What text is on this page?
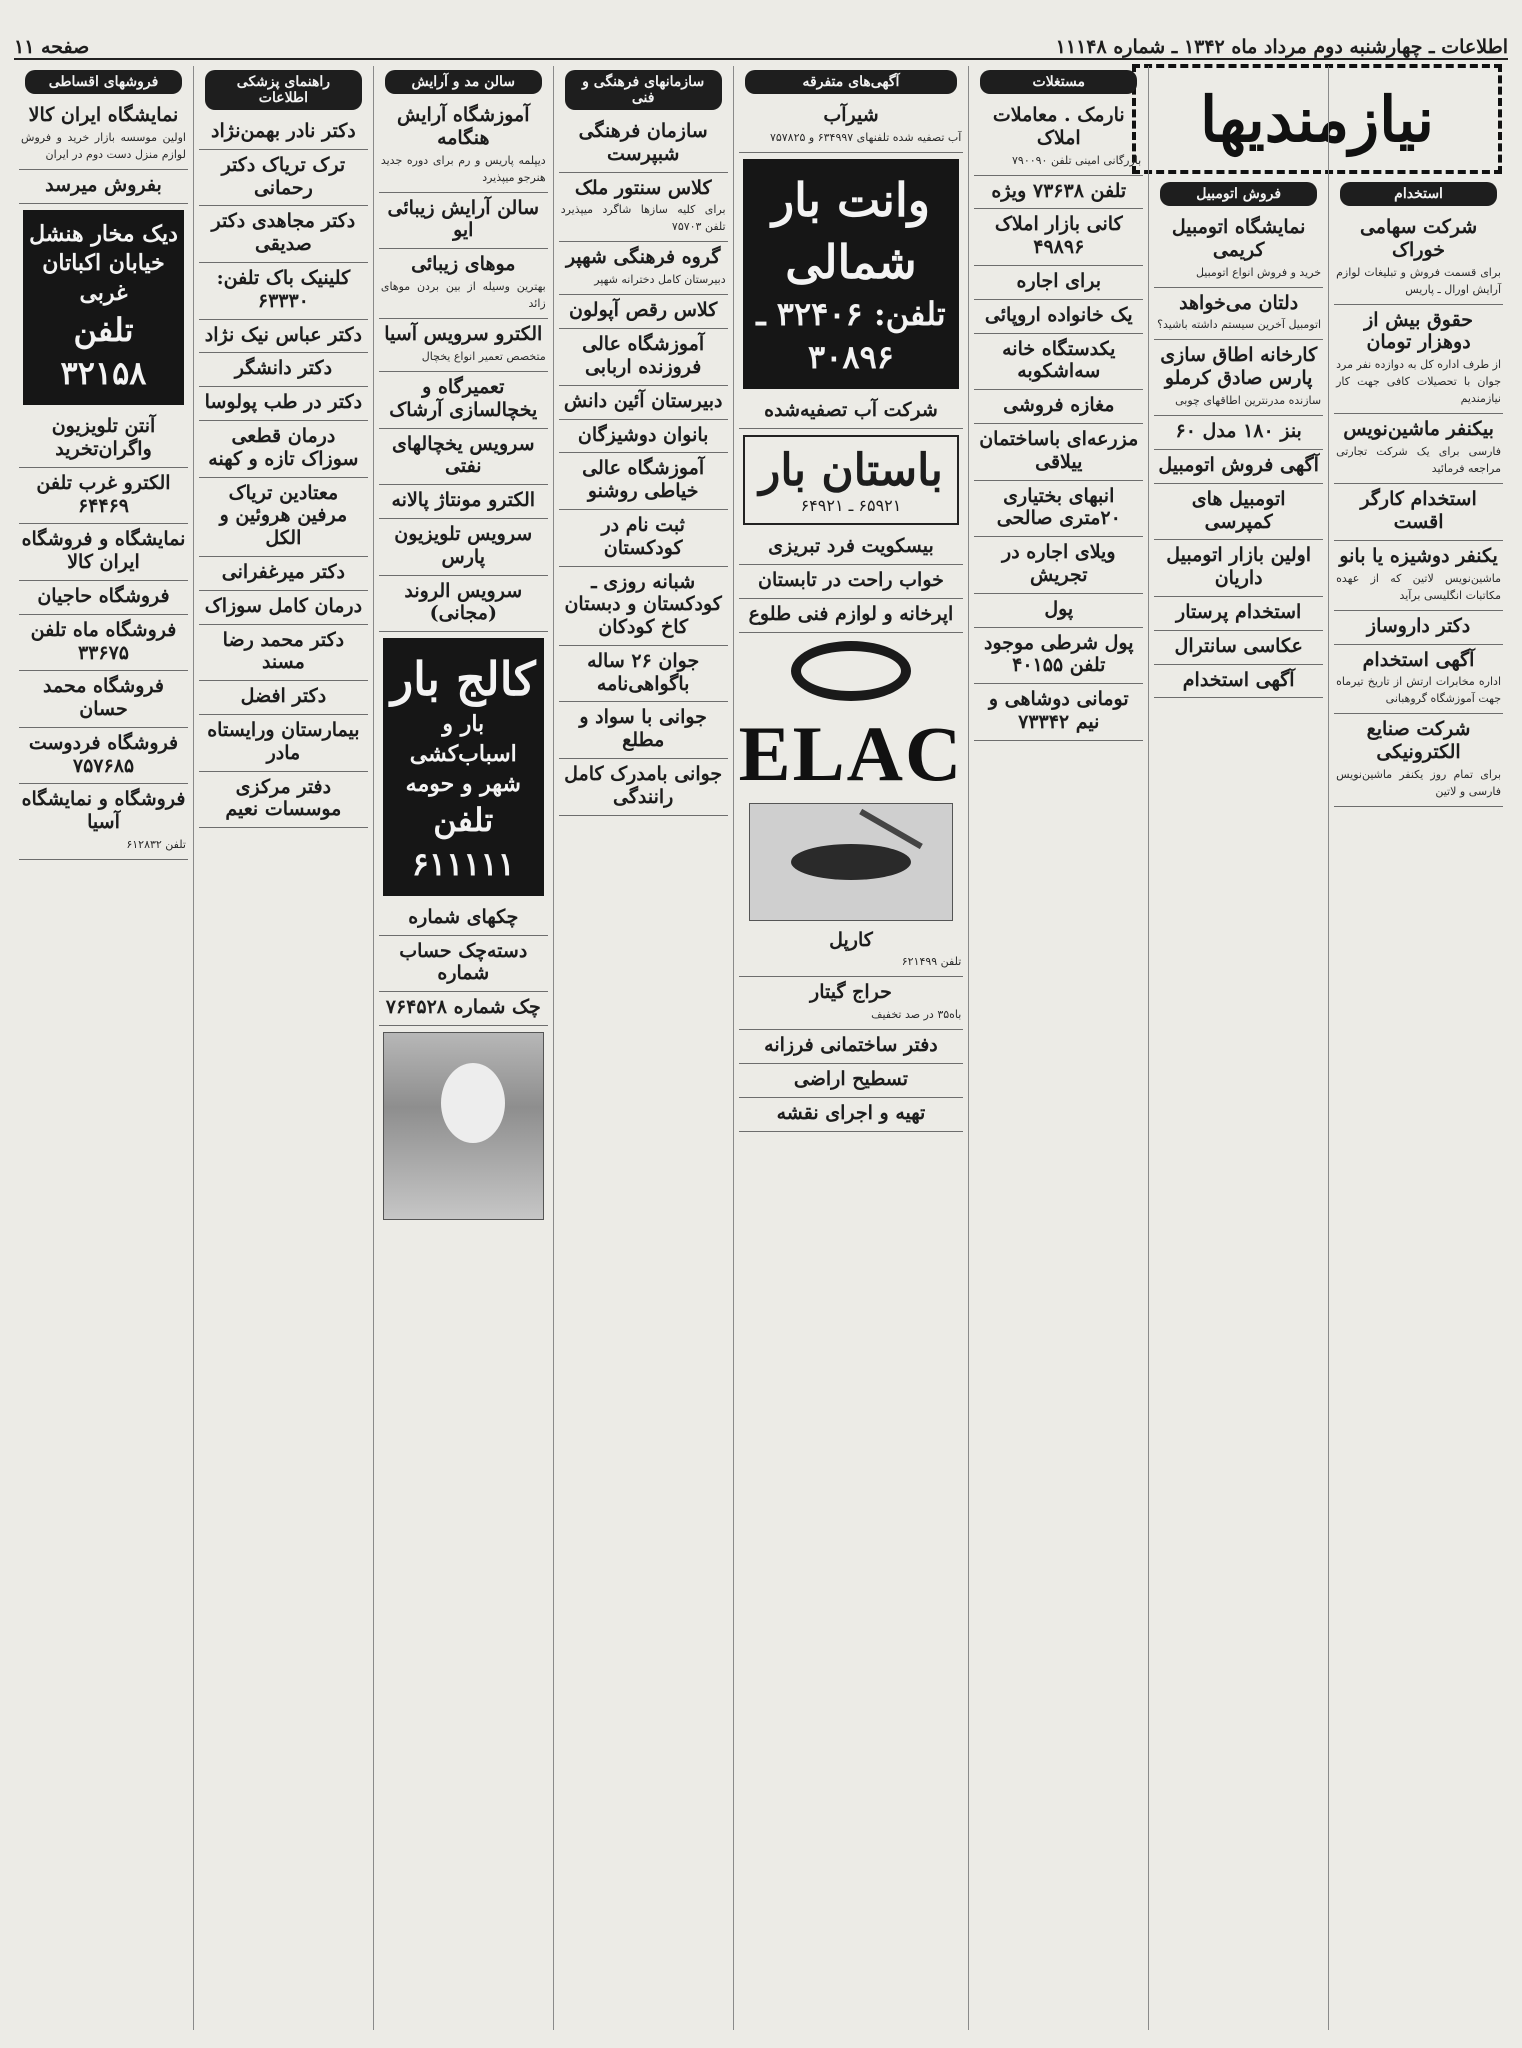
اطلاعات ـ چهارشنبه دوم مرداد ماه ۱۳۴۲ ـ شماره ۱۱۱۴۸
صفحه ۱۱
نیازمندیها
استخدام
شرکت سهامی خوراک
برای قسمت فروش و تبلیغات لوازم آرایش اورال ـ پاریس
حقوق بیش از دوهزار تومان
از طرف اداره کل به دوازده نفر مرد جوان با تحصیلات کافی جهت کار نیازمندیم
بیکنفر ماشین‌نویس
فارسی برای یک شرکت تجارتی مراجعه فرمائید
استخدام کارگر اقست
یکنفر دوشیزه یا بانو
ماشین‌نویس لاتین که از عهده مکاتبات انگلیسی برآید
دکتر داروساز
آگهی استخدام
اداره مخابرات ارتش از تاریخ تیرماه جهت آموزشگاه گروهبانی
شرکت صنایع الکترونیکی
برای تمام روز یکنفر ماشین‌نویس فارسی و لاتین
فروش اتومبیل
نمایشگاه اتومبیل کریمی
خرید و فروش انواع اتومبیل
دلتان می‌خواهد
اتومبیل آخرین سیستم داشته باشید؟
کارخانه اطاق سازی پارس صادق کرملو
سازنده مدرنترین اطاقهای چوبی
بنز ۱۸۰ مدل ۶۰
آگهی فروش اتومبیل
اتومبیل های کمپرسی
اولین بازار اتومبیل داریان
استخدام پرستار
عکاسی سانترال
آگهی استخدام
مستغلات
نارمک . معاملات املاک
بازرگانی امینی تلفن ۷۹۰۰۹۰
تلفن ۷۳۶۳۸ ویژه
کانی بازار املاک ۴۹۸۹۶
برای اجاره
یک خانواده اروپائی
یکدستگاه خانه سه‌اشکوبه
مغازه فروشی
مزرعه‌ای باساختمان ییلاقی
انبهای بختیاری ۲۰متری صالحی
ویلای اجاره در تجریش
پول
پول شرطی موجود تلفن ۴۰۱۵۵
تومانی دوشاهی و نیم ۷۳۳۴۲
آگهی‌های متفرقه
شیرآب
آب تصفیه شده تلفنهای ۶۳۴۹۹۷ و ۷۵۷۸۲۵
وانت بار شمالی
تلفن: ۳۲۴۰۶ ـ ۳۰۸۹۶
شرکت آب تصفیه‌شده
باستان بار
۶۵۹۲۱ ـ ۶۴۹۲۱
بیسکویت فرد تبریزی
خواب راحت در تابستان
اپرخانه و لوازم فنی طلوع
ELAC
کارپل
تلفن ۶۲۱۴۹۹
حراج گیتار
باه۳۵ در صد تخفیف
دفتر ساختمانی فرزانه
تسطیح اراضی
تهیه و اجرای نقشه
سازمانهای فرهنگی و فنی
سازمان فرهنگی شبپرست
کلاس سنتور ملک
برای کلیه سازها شاگرد میپذیرد تلفن ۷۵۷۰۳
گروه فرهنگی شهپر
دبیرستان کامل دخترانه شهپر
کلاس رقص آپولون
آموزشگاه عالی فروزنده اربابی
دبیرستان آئین دانش
بانوان دوشیزگان
آموزشگاه عالی خیاطی روشنو
ثبت نام در کودکستان
شبانه روزی ـ کودکستان و دبستان کاخ کودکان
جوان ۲۶ ساله باگواهی‌نامه
جوانی با سواد و مطلع
جوانی بامدرک کامل رانندگی
سالن مد و آرایش
آموزشگاه آرایش هنگامه
دیپلمه پاریس و رم برای دوره جدید هنرجو میپذیرد
سالن آرایش زیبائی ایو
موهای زیبائی
بهترین وسیله از بین بردن موهای زائد
الکترو سرویس آسیا
متخصص تعمیر انواع یخچال
تعمیرگاه و یخچالسازی آرشاک
سرویس یخچالهای نفتی
الکترو مونتاژ پالانه
سرویس تلویزیون پارس
سرویس الروند (مجانی)
کالج بار
بار و اسباب‌کشی شهر و حومه
تلفن ۶۱۱۱۱۱
چکهای شماره
دسته‌چک حساب شماره
چک شماره ۷۶۴۵۲۸
راهنمای پزشکی اطلاعات
دکتر نادر بهمن‌نژاد
ترک تریاک دکتر رحمانی
دکتر مجاهدی دکتر صدیقی
کلینیک باک تلفن: ۶۳۳۳۰
دکتر عباس نیک نژاد
دکتر دانشگر
دکتر در طب پولوسا
درمان قطعی سوزاک تازه و کهنه
معتادین تریاک مرفین هروئین و الکل
دکتر میرغفرانی
درمان کامل سوزاک
دکتر محمد رضا مسند
دکتر افضل
بیمارستان ورایستاه مادر
دفتر مرکزی موسسات نعیم
فروشهای اقساطی
نمایشگاه ایران کالا
اولین موسسه بازار خرید و فروش لوازم منزل دست دوم در ایران
بفروش میرسد
دیک مخار هنشل
خیابان اکباتان غربی
تلفن ۳۲۱۵۸
آنتن تلویزیون واگران‌تخرید
الکترو غرب تلفن ۶۴۴۶۹
نمایشگاه و فروشگاه ایران کالا
فروشگاه حاجیان
فروشگاه ماه تلفن ۳۳۶۷۵
فروشگاه محمد حسان
فروشگاه فردوست ۷۵۷۶۸۵
فروشگاه و نمایشگاه آسیا
تلفن ۶۱۲۸۳۲
